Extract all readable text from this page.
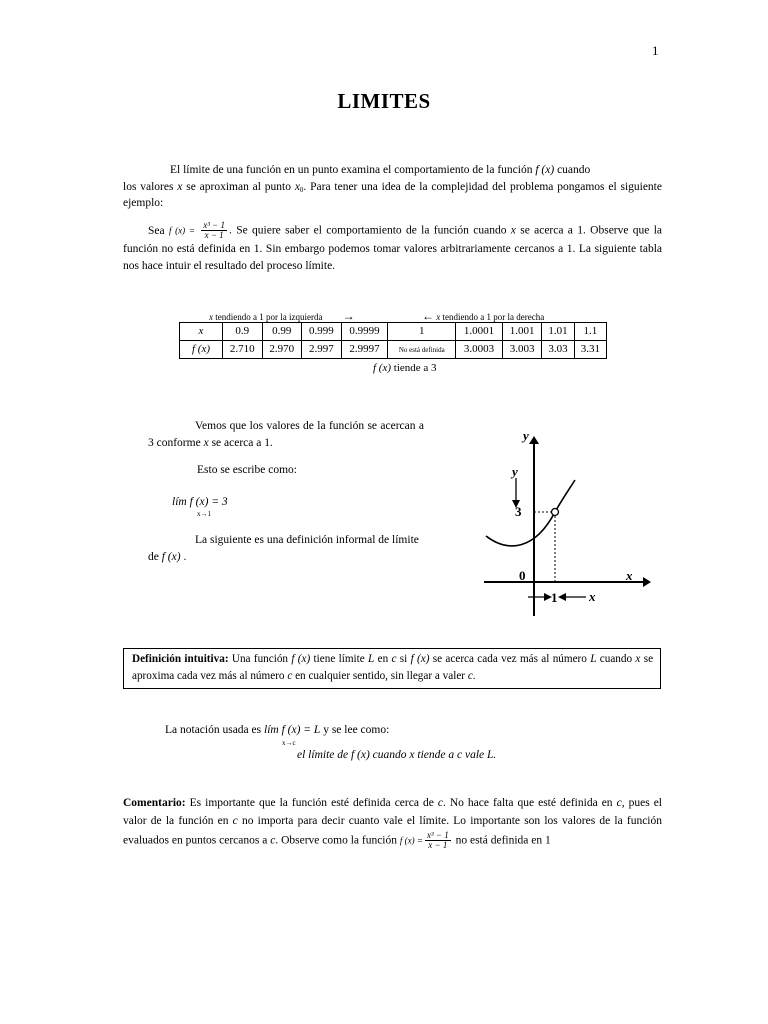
1
LIMITES
El límite de una función en un punto examina el comportamiento de la función f (x) cuando
los valores x se aproximan al punto $x_0$. Para tener una idea de la complejidad del problema pongamos el siguiente ejemplo:
Sea f $(x) = \frac{\text{x³ − 1}}{x - 1}$ . Se quiere saber el comportamiento de la función cuando x se acerca a 1. Observe que la función no está definida en 1. Sin embargo podemos tomar valores arbitrariamente cercanos a 1. La siguiente tabla nos hace intuir el resultado del proceso límite.
x tendiendo a 1 por la izquierda →	← x tendiendo a 1 por la derecha
x	0.9	0.99	0.999	0.9999	1	1.0001	1.001	1.01	1.1
f (x)	2.710	2.970	2.997	2.9997	No está definida	3.0003	3.003	3.03	3.31
f (x) tiende a 3
Vemos que los valores de la función se acercan a 3 conforme x se acerca a 1.
Esto se escribe como:
lím f (x) = 3
x→1
La siguiente es una definición informal de límite de f (x) .
y
y
3
0	x
1 x
Definición intuitiva: Una función f (x) tiene límite L en c si f (x) se acerca cada vez más al número L cuando x se aproxima cada vez más al número c en cualquier sentido, sin llegar a valer c.
La notación usada es lím f (x) = L y se lee como:
x→c
el límite de f (x) cuando x tiende a c vale L.
Comentario: Es importante que la función esté definida cerca de c. No hace falta que esté definida en c, pues el valor de la función en c no importa para decir cuanto vale el límite. Lo importante son los valores de la función evaluados en puntos cercanos a c. Observe como la función f $(x) = \frac{\text{x³ − 1}}{x - 1}$ no está definida en 1
